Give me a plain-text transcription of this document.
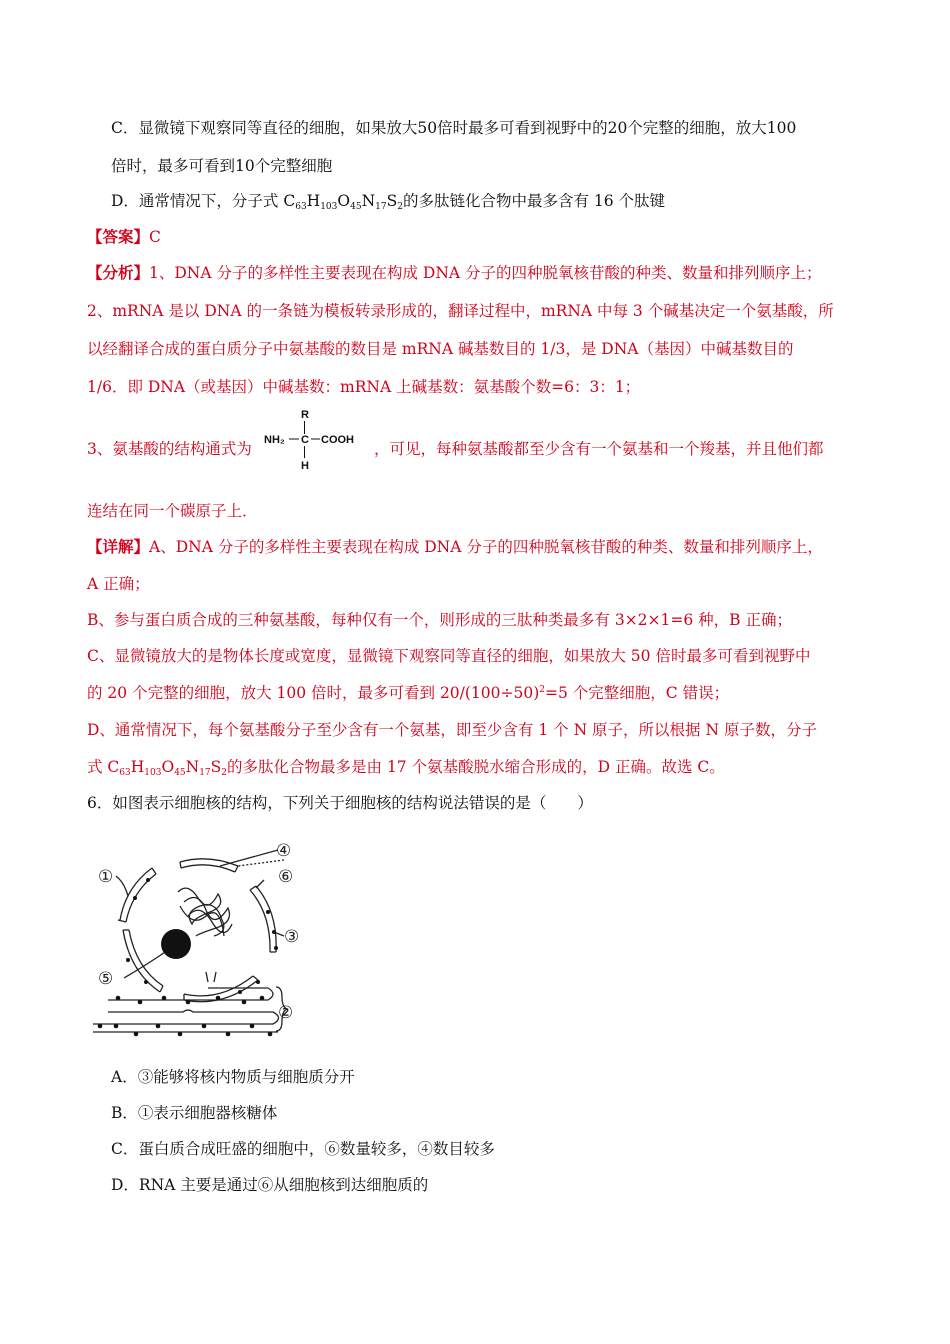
C．显微镜下观察同等直径的细胞，如果放大50倍时最多可看到视野中的20个完整的细胞，放大100
倍时，最多可看到10个完整细胞
D．通常情况下，分子式 $C_{63}H_{103}O_{45}N_{17}S_2$的多肽链化合物中最多含有 16 个肽键
【答案】C
【分析】1、DNA 分子的多样性主要表现在构成 DNA 分子的四种脱氧核苷酸的种类、数量和排列顺序上；
2、mRNA 是以 DNA 的一条链为模板转录形成的，翻译过程中，mRNA 中每 3 个碱基决定一个氨基酸，所
以经翻译合成的蛋白质分子中氨基酸的数目是 mRNA 碱基数目的 1/3，是 DNA（基因）中碱基数目的
1/6．即 DNA（或基因）中碱基数：mRNA 上碱基数：氨基酸个数=6：3：1；
3、氨基酸的结构通式为
R
NH₂ C COOH
H
，可见，每种氨基酸都至少含有一个氨基和一个羧基，并且他们都
连结在同一个碳原子上．
【详解】A、DNA 分子的多样性主要表现在构成 DNA 分子的四种脱氧核苷酸的种类、数量和排列顺序上，
A 正确；
B、参与蛋白质合成的三种氨基酸，每种仅有一个，则形成的三肽种类最多有 3×2×1=6 种，B 正确；
C、显微镜放大的是物体长度或宽度，显微镜下观察同等直径的细胞，如果放大 50 倍时最多可看到视野中
的 20 个完整的细胞，放大 100 倍时，最多可看到 $20/(100\div 50)^2=5$ 个完整细胞，C 错误；
D、通常情况下，每个氨基酸分子至少含有一个氨基，即至少含有 1 个 N 原子，所以根据 N 原子数，分子
式 $C_{63}H_{103}O_{45}N_{17}S_2$的多肽化合物最多是由 17 个氨基酸脱水缩合形成的，D 正确。故选 C。
6．如图表示细胞核的结构，下列关于细胞核的结构说法错误的是（　　）
①
②
③
④
⑤
⑥
A．③能够将核内物质与细胞质分开
B．①表示细胞器核糖体
C．蛋白质合成旺盛的细胞中，⑥数量较多，④数目较多
D．RNA 主要是通过⑥从细胞核到达细胞质的
